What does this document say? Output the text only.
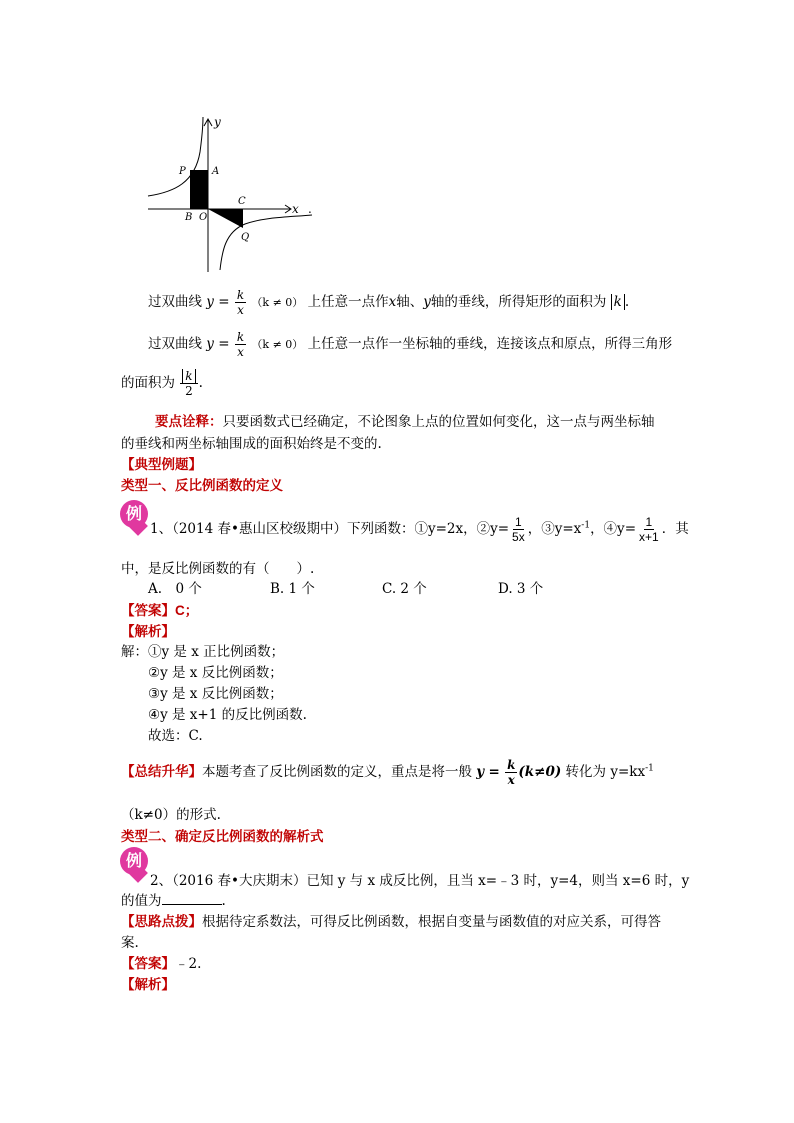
y
x
P	A
B O
C
Q
.
过双曲线 $y = \frac{k}{x} (k \ne 0)$ 上任意一点作x轴、y轴的垂线，所得矩形的面积为 k .
过双曲线 $y = \frac{k}{x} (k \ne 0)$ 上任意一点作一坐标轴的垂线，连接该点和原点，所得三角形
的面积为 $\frac{k}{2}$ .
要点诠释：只要函数式已经确定，不论图象上点的位置如何变化，这一点与两坐标轴
的垂线和两坐标轴围成的面积始终是不变的.
【典型例题】
类型一、反比例函数的定义
例
1、（2014 春•惠山区校级期中）下列函数：①y=2x，②y= $\frac{1}{5x}$ ，$③y=x^{-1}$，④y= $\frac{1}{x+1}$ ．其
中，是反比例函数的有（　　）.
A.　0 个	B. 1 个	C. 2 个	D. 3 个
【答案】C；
【解析】
解：①y 是 x 正比例函数；
②y 是 x 反比例函数；
③y 是 x 反比例函数；
④y 是 x+1 的反比例函数.
故选：C.
【总结升华】本题考查了反比例函数的定义，重点是将一般 $y = \frac{k}{x} (k\ne 0)$ 转化为 $y=kx^{-1}$
（k≠0）的形式.
类型二、确定反比例函数的解析式
例
2、（2016 春•大庆期末）已知 y 与 x 成反比例，且当 x=﹣3 时，y=4，则当 x=6 时，y
的值为	.
【思路点拨】根据待定系数法，可得反比例函数，根据自变量与函数值的对应关系，可得答
案.
【答案】﹣2.
【解析】
